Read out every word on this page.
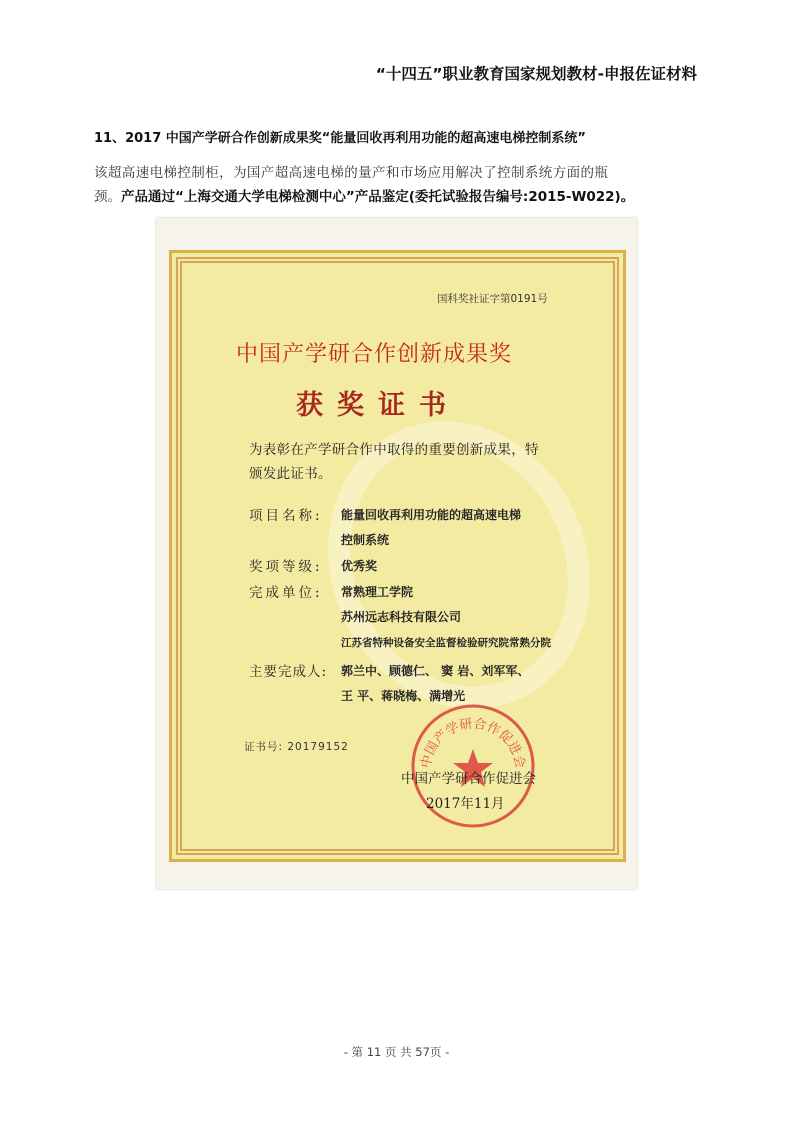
“十四五”职业教育国家规划教材-申报佐证材料
11、2017 中国产学研合作创新成果奖“能量回收再利用功能的超高速电梯控制系统”
该超高速电梯控制柜，为国产超高速电梯的量产和市场应用解决了控制系统方面的瓶
颈。产品通过“上海交通大学电梯检测中心”产品鉴定(委托试验报告编号:2015-W022)。
国科奖社证字第0191号
中国产学研合作创新成果奖
获奖证书
为表彰在产学研合作中取得的重要创新成果，特
颁发此证书。
项目名称:	能量回收再利用功能的超高速电梯
控制系统
奖项等级:	优秀奖
完成单位:	常熟理工学院
苏州远志科技有限公司
江苏省特种设备安全监督检验研究院常熟分院
主要完成人:	郭兰中、顾德仁、 窦 岩、刘军军、
王 平、蒋晓梅、满增光
证书号: 20179152
中国产学研合作促进会
中国产学研合作促进会
2017年11月
- 第 11 页 共 57页 -
